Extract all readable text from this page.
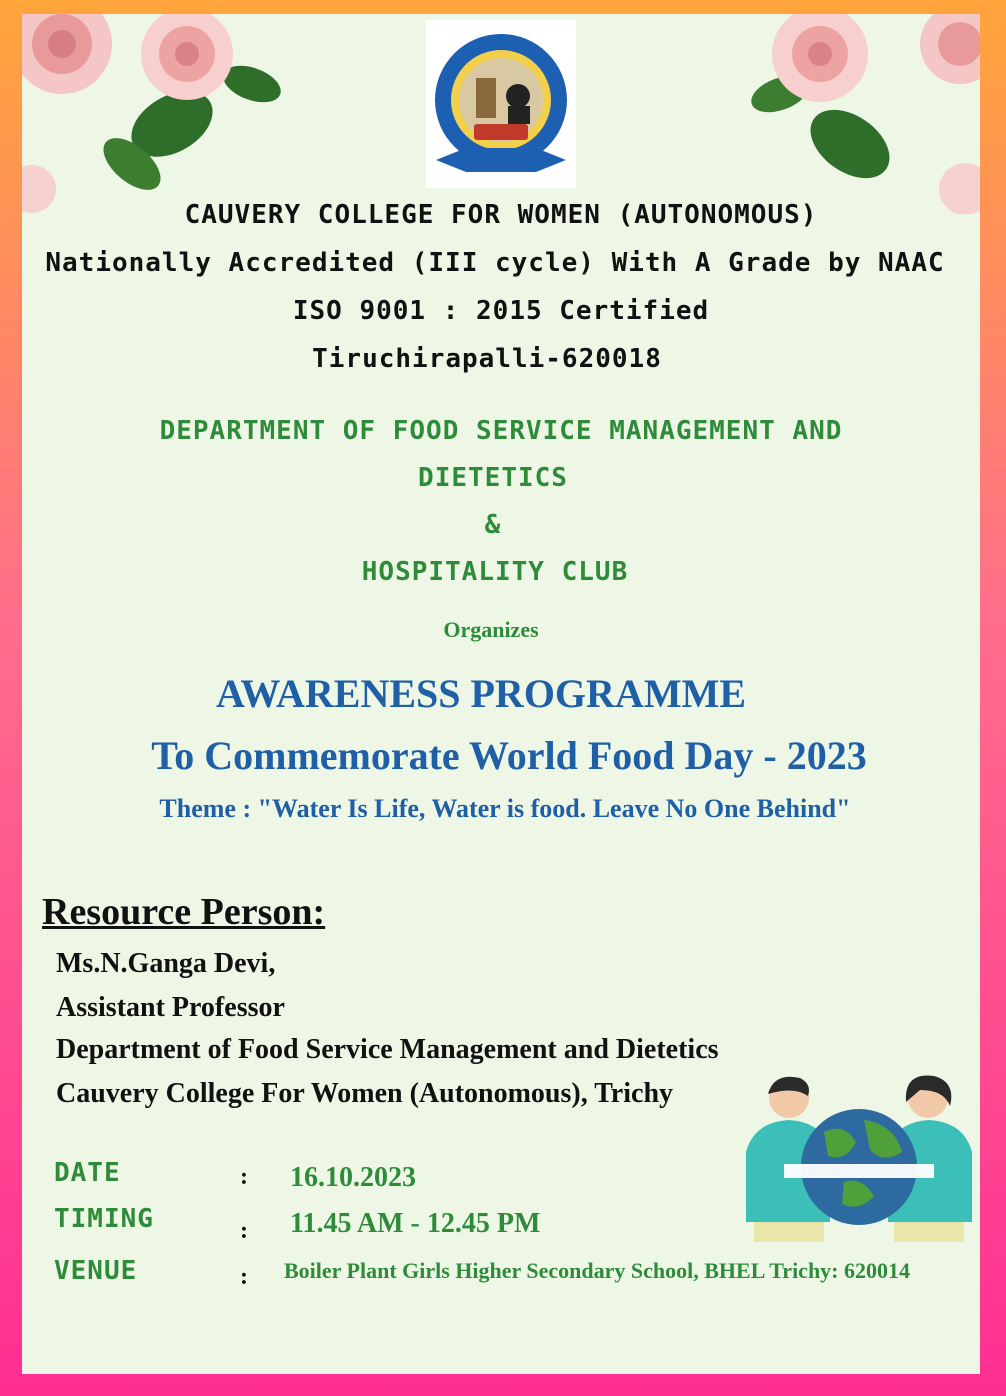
CAUVERY COLLEGE FOR WOMEN (AUTONOMOUS)
Nationally Accredited (III cycle) With A Grade by NAAC
ISO 9001 : 2015 Certified
Tiruchirapalli-620018
DEPARTMENT OF FOOD SERVICE MANAGEMENT AND
DIETETICS
&
HOSPITALITY CLUB
Organizes
AWARENESS PROGRAMME
To Commemorate World Food Day - 2023
Theme : "Water Is Life, Water is food. Leave No One Behind"
Resource Person:
Ms.N.Ganga Devi,
Assistant Professor
Department of Food Service Management and Dietetics
Cauvery College For Women (Autonomous), Trichy
DATE	: 16.10.2023
TIMING	: 11.45 AM - 12.45 PM
VENUE	: Boiler Plant Girls Higher Secondary School, BHEL Trichy: 620014
